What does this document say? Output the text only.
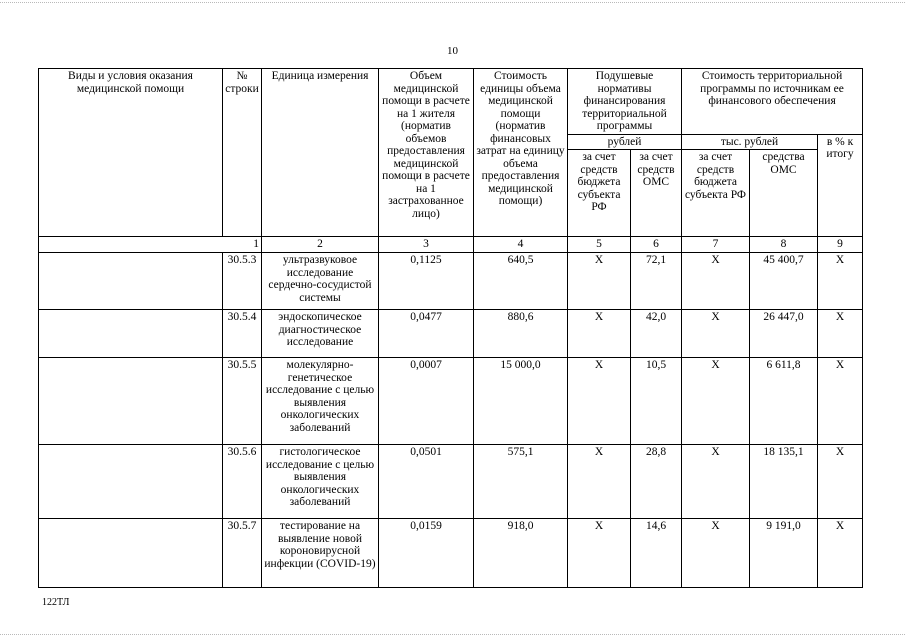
10
Виды и условия оказания медицинской помощи	№ строки	Единица измерения	Объем медицинской помощи в расчете на 1 жителя (норматив объемов предоставления медицинской помощи в расчете на 1 застрахованное лицо)	Стоимость единицы объема медицинской помощи (норматив финансовых затрат на единицу объема предоставления медицинской помощи)	Подушевые нормативы финансирования территориальной программы		Стоимость территориальной программы по источникам ее финансового обеспечения		
					рублей		тыс. рублей		в % к итогу
					за счет средств бюджета субъекта РФ	за счет средств ОМС	за счет средств бюджета субъекта РФ	средства ОМС	
1		2	3	4	5	6	7	8	9
	30.5.3	ультразвуковое исследование сердечно-сосудистой системы	0,1125	640,5	Х	72,1	Х	45 400,7	Х
	30.5.4	эндоскопическое диагностическое исследование	0,0477	880,6	Х	42,0	Х	26 447,0	Х
	30.5.5	молекулярно-генетическое исследование с целью выявления онкологических заболеваний	0,0007	15 000,0	Х	10,5	Х	6 611,8	Х
	30.5.6	гистологическое исследование с целью выявления онкологических заболеваний	0,0501	575,1	Х	28,8	Х	18 135,1	Х
	30.5.7	тестирование на выявление новой короновирусной инфекции (COVID-19)	0,0159	918,0	Х	14,6	Х	9 191,0	Х
122ТЛ
